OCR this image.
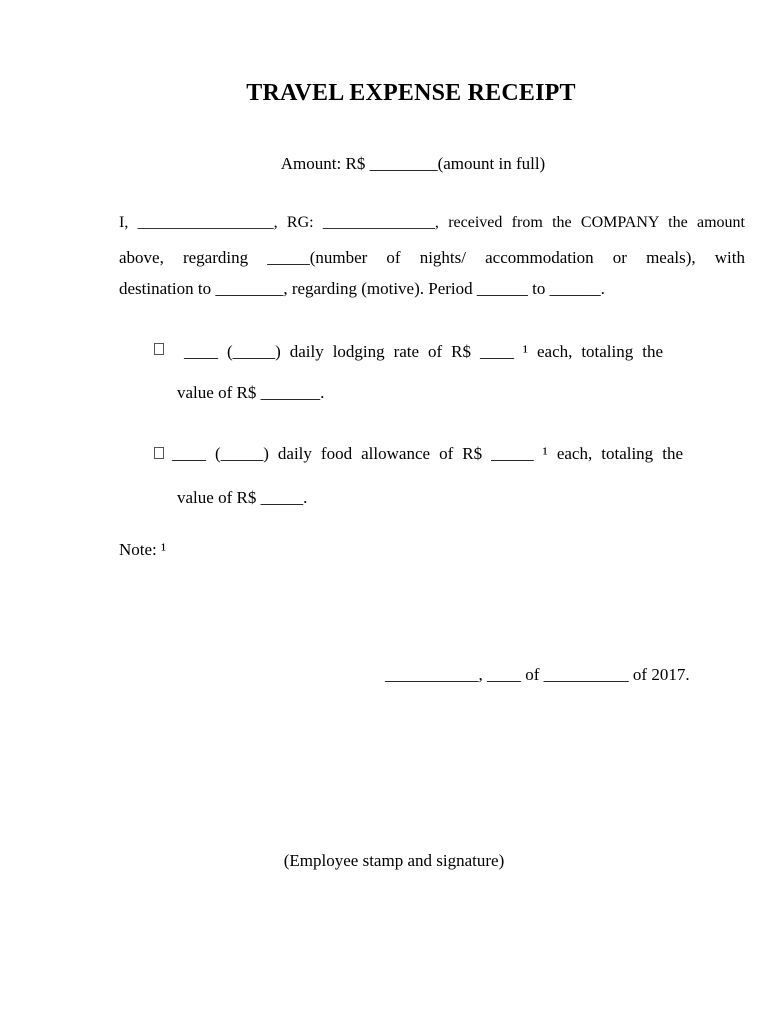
TRAVEL EXPENSE RECEIPT
Amount: R$ ________(amount in full)
I, _________________, RG: ______________, received from the COMPANY the amount
above, regarding _____(number of nights/ accommodation or meals), with
destination to ________, regarding (motive). Period ______ to ______.
____ (_____) daily lodging rate of R$ ____ ¹ each, totaling the
value of R$ _______.
____ (_____) daily food allowance of R$ _____ ¹ each, totaling the
value of R$ _____.
Note: ¹
___________, ____ of __________ of 2017.
(Employee stamp and signature)
